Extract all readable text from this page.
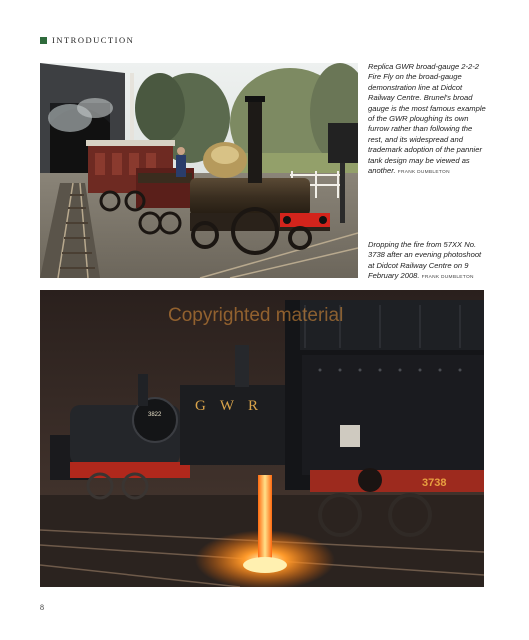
INTRODUCTION
Replica GWR broad-gauge 2-2-2 Fire Fly on the broad-gauge demonstration line at Didcot Railway Centre. Brunel's broad gauge is the most famous example of the GWR ploughing its own furrow rather than following the rest, and its widespread and trademark adoption of the pannier tank design may be viewed as another. FRANK DUMBLETON
Dropping the fire from 57XX No. 3738 after an evening photoshoot at Didcot Railway Centre on 9 February 2008. FRANK DUMBLETON
3822
GWR
3738
Copyrighted material
8
